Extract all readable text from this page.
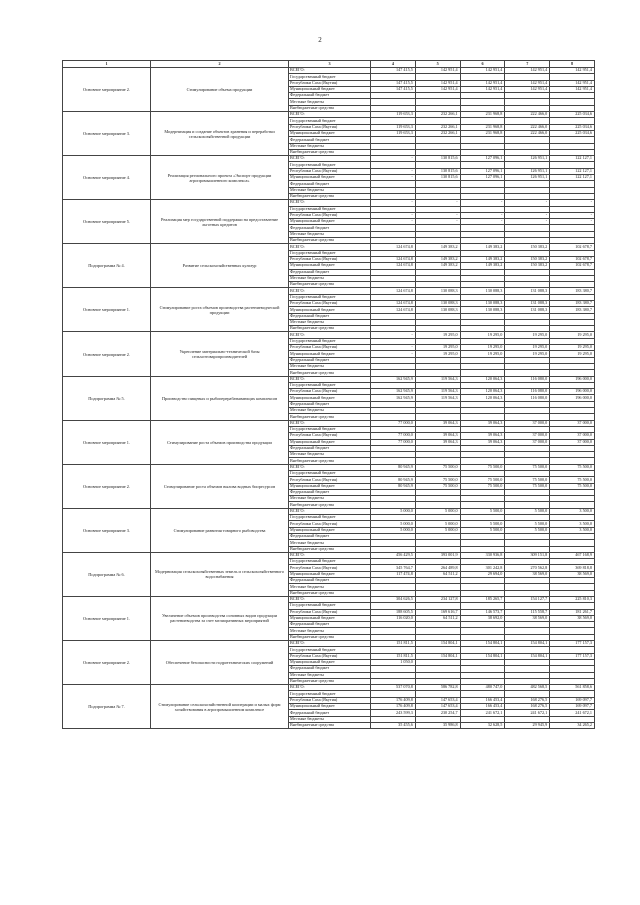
2
1	2	3	4	5	6	7	8
Основное мероприятие 2.	Стимулирование объема продукции	ВСЕГО:	147 415,5	142 951,4	142 951,4	142 951,4	142 951,4
		Государственный бюджет					
		Республики Саха (Якутия)	147 415,5	142 951,4	142 951,4	142 951,4	142 951,4
		Муниципальный бюджет	147 415,5	142 951,4	142 951,4	142 951,4	142 951,4
		Федеральный бюджет					
		Местные бюджеты					
		Внебюджетные средства					
Основное мероприятие 3.	Модернизация и создание объектов хранения и переработки сельскохозяйственной продукции	ВСЕГО:	119 653,3	232 266,1	231 968,8	222 466,0	225 034,6
		Государственный бюджет					
		Республики Саха (Якутия)	119 653,3	232 266,1	231 968,8	222 466,0	225 034,6
		Муниципальный бюджет	119 653,3	232 266,1	231 968,8	222 466,0	225 034,6
		Федеральный бюджет					
		Местные бюджеты					
		Внебюджетные средства					
Основное мероприятие 4.	Реализация регионального проекта «Экспорт продукции агропромышленного комплекса»	ВСЕГО:	-	130 815,6	127 096,1	126 951,1	122 127,1
		Государственный бюджет					
		Республики Саха (Якутия)	-	130 815,6	127 096,1	126 951,1	122 127,1
		Муниципальный бюджет	-	130 815,6	127 096,1	126 951,1	122 127,1
		Федеральный бюджет					
		Местные бюджеты					
		Внебюджетные средства					
Основное мероприятие 5.	Реализация мер государственной поддержки на предоставление льготных кредитов	ВСЕГО:	-	-	-	-	-
		Государственный бюджет					
		Республики Саха (Якутия)	-	-	-	-	-
		Муниципальный бюджет	-	-	-	-	-
		Федеральный бюджет					
		Местные бюджеты					
		Внебюджетные средства					
Подпрограмма № 4.	Развитие сельскохозяйственных культур	ВСЕГО:	124 674,8	149 383,2	149 383,2	150 383,2	102 678,7
		Государственный бюджет					
		Республики Саха (Якутия)	124 674,8	149 383,2	149 383,2	150 383,2	102 678,7
		Муниципальный бюджет	124 674,8	149 383,2	149 383,2	150 383,2	102 678,7
		Федеральный бюджет					
		Местные бюджеты					
		Внебюджетные средства					
Основное мероприятие 1.	Стимулирование роста объемов производства растениеводческой продукции	ВСЕГО:	124 674,8	130 088,3	130 088,3	131 088,3	183 380,7
		Государственный бюджет					
		Республики Саха (Якутия)	124 674,8	130 088,3	130 088,3	131 088,3	183 380,7
		Муниципальный бюджет	124 674,8	130 088,3	130 088,3	131 088,3	183 380,7
		Федеральный бюджет					
		Местные бюджеты					
		Внебюджетные средства					
Основное мероприятие 2.	Укрепление материально-технической базы сельхозтоваропроизводителей	ВСЕГО:	-	19 295,0	19 295,0	19 295,0	19 295,0
		Государственный бюджет					
		Республики Саха (Якутия)	-	19 295,0	19 295,0	19 295,0	19 295,0
		Муниципальный бюджет	-	19 295,0	19 295,0	19 295,0	19 295,0
		Федеральный бюджет					
		Местные бюджеты					
		Внебюджетные средства					
Подпрограмма № 5.	Производство пищевых и рыбоперерабатывающих комплексов	ВСЕГО:	162 945,9	119 564,3	120 064,3	116 080,0	196 000,0
		Государственный бюджет					
		Республики Саха (Якутия)	162 945,9	119 564,3	120 064,3	116 080,0	196 000,0
		Муниципальный бюджет	162 945,9	119 564,3	120 064,3	116 080,0	196 000,0
		Федеральный бюджет					
		Местные бюджеты					
		Внебюджетные средства					
Основное мероприятие 1.	Стимулирование роста объемов производства продукции	ВСЕГО:	77 000,0	39 064,3	39 064,3	37 000,0	37 000,0
		Государственный бюджет					
		Республики Саха (Якутия)	77 000,0	39 064,3	39 064,3	37 000,0	37 000,0
		Муниципальный бюджет	77 000,0	39 064,3	39 064,3	37 000,0	37 000,0
		Федеральный бюджет					
		Местные бюджеты					
		Внебюджетные средства					
Основное мероприятие 2.	Стимулирование роста объемов вылова водных биоресурсов	ВСЕГО:	80 945,9	75 500,0	75 500,0	75 500,0	75 500,0
		Государственный бюджет					
		Республики Саха (Якутия)	80 945,9	75 500,0	75 500,0	75 500,0	75 500,0
		Муниципальный бюджет	80 945,9	75 500,0	75 500,0	75 500,0	75 500,0
		Федеральный бюджет					
		Местные бюджеты					
		Внебюджетные средства					
Основное мероприятие 3.	Стимулирование развития товарного рыбоводства	ВСЕГО:	5 000,0	5 000,0	5 500,0	5 500,0	3 500,0
		Государственный бюджет					
		Республики Саха (Якутия)	5 000,0	5 000,0	5 500,0	5 500,0	3 500,0
		Муниципальный бюджет	5 000,0	5 000,0	5 500,0	5 500,0	3 500,0
		Федеральный бюджет					
		Местные бюджеты					
		Внебюджетные средства					
Подпрограмма № 6.	Модернизация сельскохозяйственных земель и сельскохозяйственного водоснабжения	ВСЕГО:	456 429,5	393 001,9	330 936,8	309 151,8	467 168,9
		Государственный бюджет					
		Республики Саха (Якутия)	345 764,7	264 489,8	301 242,8	270 562,8	369 818,8
		Муниципальный бюджет	117 474,8	64 511,2	29 694,0	38 569,0	38 569,0
		Федеральный бюджет					
		Местные бюджеты					
		Внебюджетные средства					
Основное мероприятие 1.	Увеличение объемов производства основных видов продукции растениеводства за счет мелиоративных мероприятий	ВСЕГО:	304 626,5	234 127,8	185 265,7	154 127,7	225 810,3
		Государственный бюджет					
		Республики Саха (Якутия)	188 605,5	169 616,7	146 573,7	115 558,7	181 261,7
		Муниципальный бюджет	116 020,0	64 511,2	38 692,0	38 569,0	38 569,0
		Федеральный бюджет					
		Местные бюджеты					
		Внебюджетные средства					
Основное мероприятие 2.	Обеспечение безопасности гидротехнических сооружений	ВСЕГО:	151 811,5	154 804,1	154 804,1	154 804,1	177 157,3
		Государственный бюджет					
		Республики Саха (Якутия)	151 811,5	154 804,1	154 804,1	154 804,1	177 157,3
		Муниципальный бюджет	1 050,0				
		Федеральный бюджет					
		Местные бюджеты					
		Внебюджетные средства					
Подпрограмма № 7.	Стимулирование сельскохозяйственной кооперации и малых форм хозяйствования в агропромышленном комплексе	ВСЕГО:	537 070,8	586 782,8	480 747,0	482 568,5	561 858,6
		Государственный бюджет					
		Республики Саха (Якутия)	176 409,8	147 653,4	166 453,4	168 276,5	169 097,7
		Муниципальный бюджет	176 409,8	147 653,4	166 453,4	168 276,5	169 097,7
		Федеральный бюджет	243 599,3	230 254,7	241 672,1	241 672,1	241 672,1
		Местные бюджеты					
		Внебюджетные средства	35 455,6	35 986,8	32 628,5	29 945,9	34 265,2
